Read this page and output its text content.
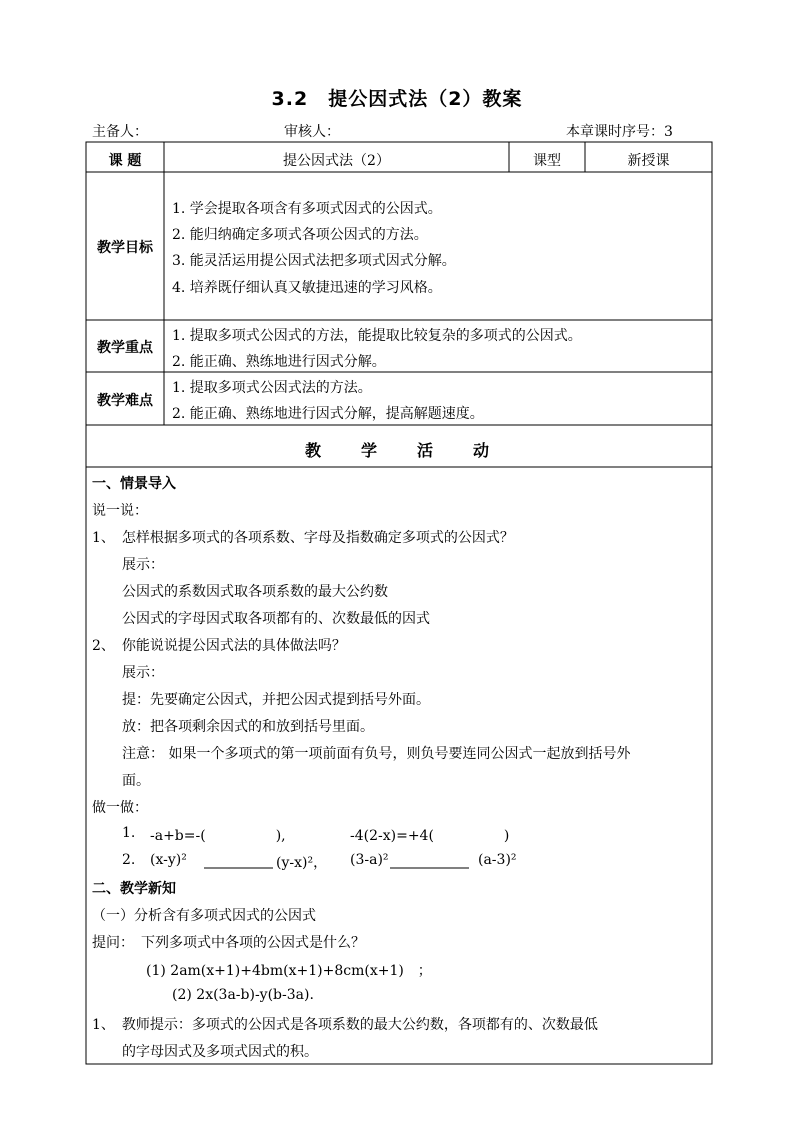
3.2　提公因式法（2）教案
主备人：	审核人：	本章课时序号：3
课 题	提公因式法（2）	课型	新授课
教学目标
1. 学会提取各项含有多项式因式的公因式。
2. 能归纳确定多项式各项公因式的方法。
3. 能灵活运用提公因式法把多项式因式分解。
4. 培养既仔细认真又敏捷迅速的学习风格。
教学重点
1. 提取多项式公因式的方法，能提取比较复杂的多项式的公因式。
2. 能正确、熟练地进行因式分解。
教学难点
1. 提取多项式公因式法的方法。
2. 能正确、熟练地进行因式分解，提高解题速度。
教学活动
一、情景导入
说一说：
1、　怎样根据多项式的各项系数、字母及指数确定多项式的公因式？
展示：
公因式的系数因式取各项系数的最大公约数
公因式的字母因式取各项都有的、次数最低的因式
2、　你能说说提公因式法的具体做法吗？
展示：
提：先要确定公因式，并把公因式提到括号外面。
放：把各项剩余因式的和放到括号里面。
注意： 如果一个多项式的第一项前面有负号，则负号要连同公因式一起放到括号外
面。
做一做：
1. -a+b=-(　　　　　),	-4(2-x)=+4(　　　　　)
2. (x-y)²	(y-x)²， (3-a)²	(a-3)²
二、教学新知
（一）分析含有多项式因式的公因式
提问：　下列多项式中各项的公因式是什么？
(1) 2am(x+1)+4bm(x+1)+8cm(x+1)　；
(2) 2x(3a-b)-y(b-3a).
1、　教师提示：多项式的公因式是各项系数的最大公约数，各项都有的、次数最低
的字母因式及多项式因式的积。
